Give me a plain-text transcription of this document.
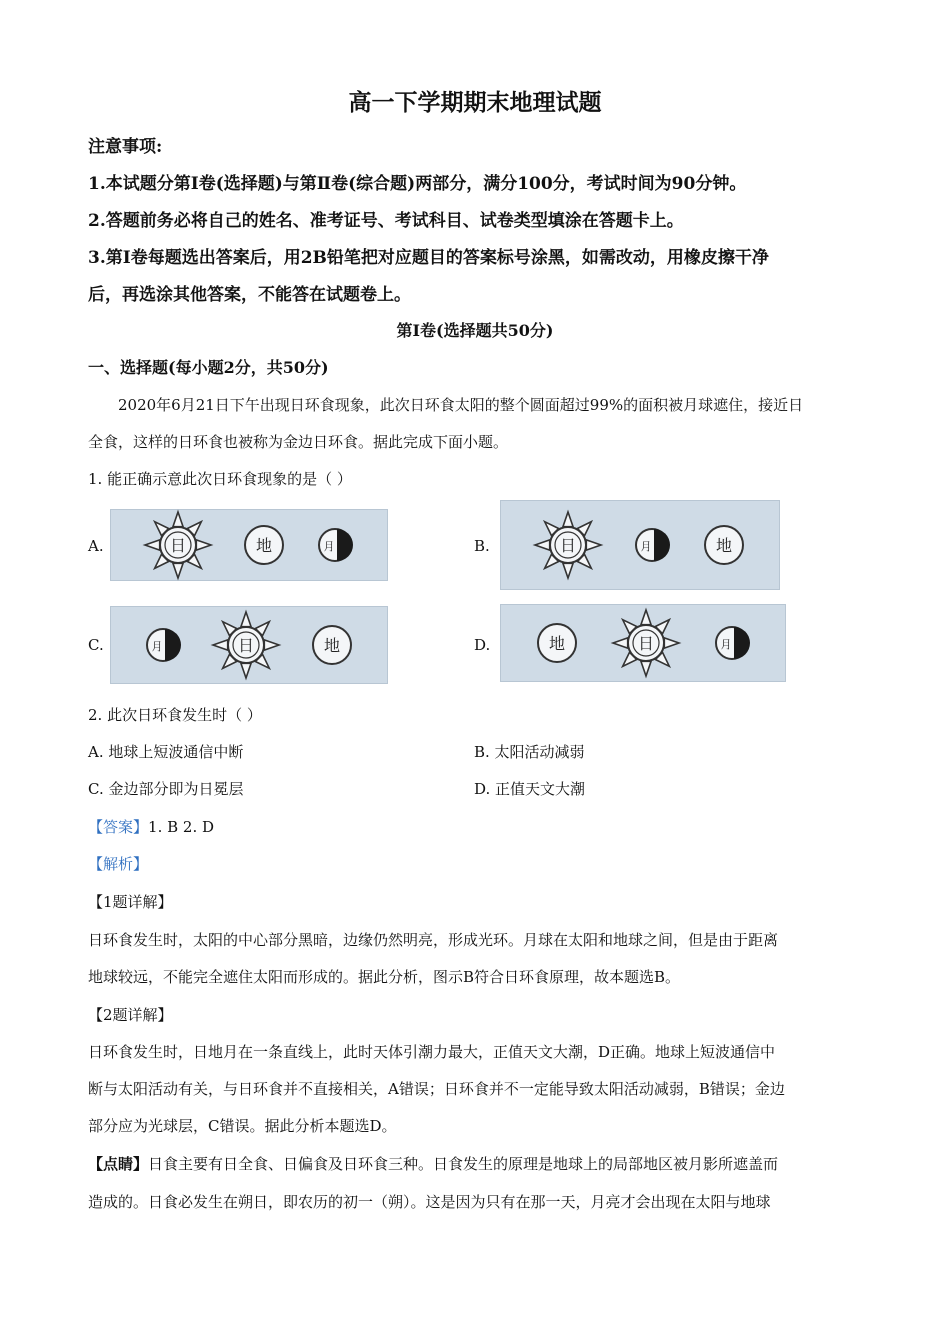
高一下学期期末地理试题
注意事项:
1.本试题分第Ⅰ卷(选择题)与第Ⅱ卷(综合题)两部分，满分100分，考试时间为90分钟。
2.答题前务必将自己的姓名、准考证号、考试科目、试卷类型填涂在答题卡上。
3.第Ⅰ卷每题选出答案后，用2B铅笔把对应题目的答案标号涂黑，如需改动，用橡皮擦干净
后，再选涂其他答案，不能答在试题卷上。
第Ⅰ卷(选择题共50分)
一、选择题(每小题2分，共50分)
2020年6月21日下午出现日环食现象，此次日环食太阳的整个圆面超过99%的面积被月球遮住，接近日
全食，这样的日环食也被称为金边日环食。据此完成下面小题。
1. 能正确示意此次日环食现象的是（ ）
A.	日	地	月	B.	日	月	地
C.	月	日	地	D.	地	日	月
2. 此次日环食发生时（ ）
A. 地球上短波通信中断	B. 太阳活动减弱
C. 金边部分即为日冕层	D. 正值天文大潮
【答案】1. B 2. D
【解析】
【1题详解】
日环食发生时，太阳的中心部分黑暗，边缘仍然明亮，形成光环。月球在太阳和地球之间，但是由于距离
地球较远，不能完全遮住太阳而形成的。据此分析，图示B符合日环食原理，故本题选B。
【2题详解】
日环食发生时，日地月在一条直线上，此时天体引潮力最大，正值天文大潮，D正确。地球上短波通信中
断与太阳活动有关，与日环食并不直接相关，A错误；日环食并不一定能导致太阳活动减弱，B错误；金边
部分应为光球层，C错误。据此分析本题选D。
【点睛】日食主要有日全食、日偏食及日环食三种。日食发生的原理是地球上的局部地区被月影所遮盖而
造成的。日食必发生在朔日，即农历的初一（朔）。这是因为只有在那一天，月亮才会出现在太阳与地球
